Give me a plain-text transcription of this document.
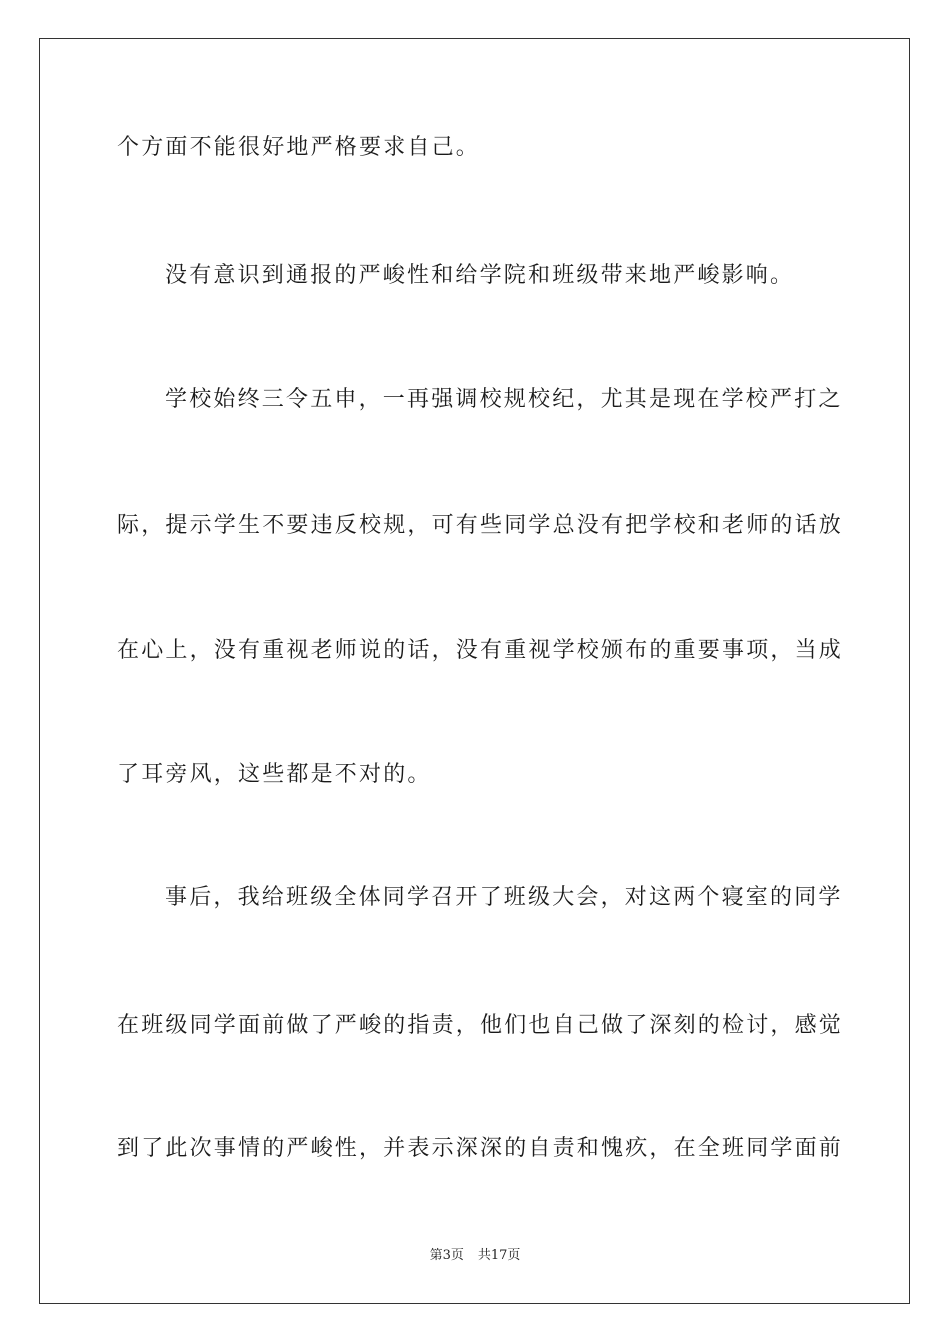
个方面不能很好地严格要求自己。
没有意识到通报的严峻性和给学院和班级带来地严峻影响。
学校始终三令五申，一再强调校规校纪，尤其是现在学校严打之
际，提示学生不要违反校规，可有些同学总没有把学校和老师的话放
在心上，没有重视老师说的话，没有重视学校颁布的重要事项，当成
了耳旁风，这些都是不对的。
事后，我给班级全体同学召开了班级大会，对这两个寝室的同学
在班级同学面前做了严峻的指责，他们也自己做了深刻的检讨，感觉
到了此次事情的严峻性，并表示深深的自责和愧疚，在全班同学面前
第3页 共17页
